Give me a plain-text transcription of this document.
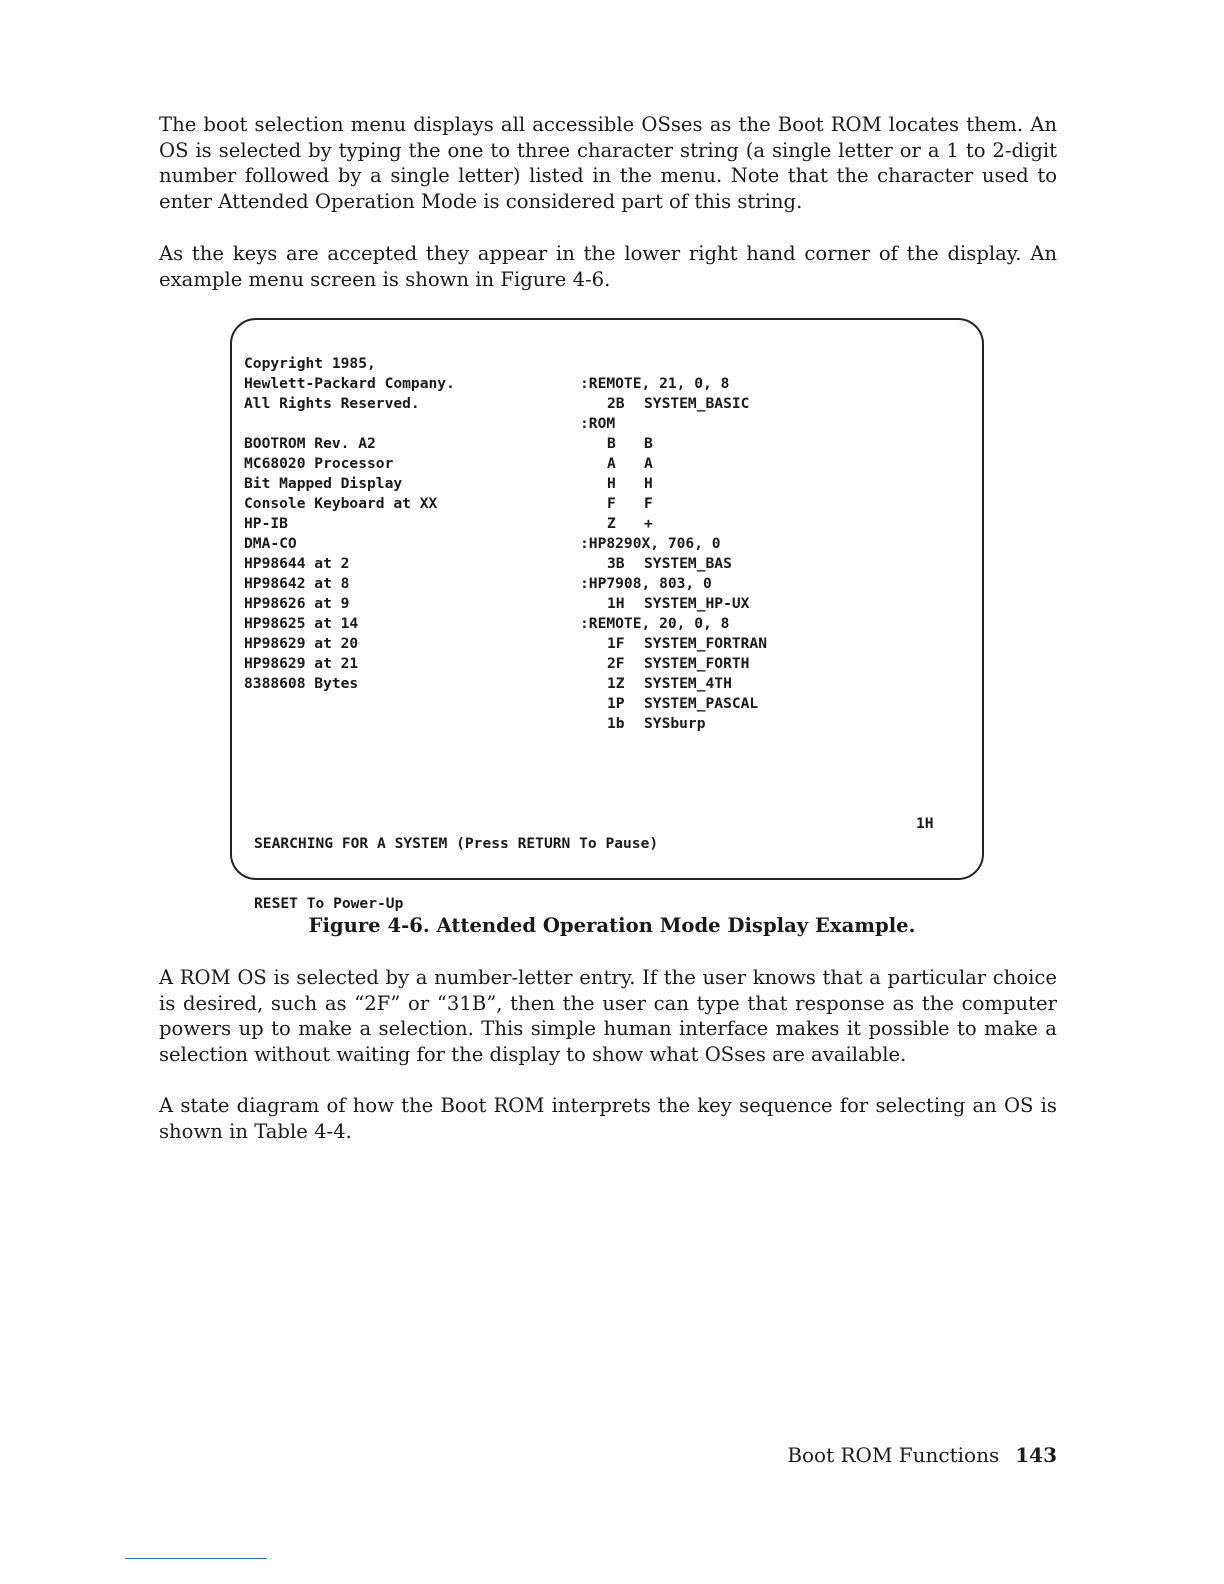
The boot selection menu displays all accessible OSses as the Boot ROM locates them. An OS is selected by typing the one to three character string (a single letter or a 1 to 2-digit number followed by a single letter) listed in the menu. Note that the character used to enter Attended Operation Mode is considered part of this string.

As the keys are accepted they appear in the lower right hand corner of the display. An example menu screen is shown in Figure 4-6.

Copyright 1985,
Hewlett-Packard Company.
All Rights Reserved.
BOOTROM Rev. A2
MC68020 Processor
Bit Mapped Display
Console Keyboard at XX
HP-IB
DMA-CO
HP98644 at 2
HP98642 at 8
HP98626 at 9
HP98625 at 14
HP98629 at 20
HP98629 at 21
8388608 Bytes
:REMOTE, 21, 0, 8
2B SYSTEM_BASIC
:ROM
B B
A A
H H
F F
Z +
:HP8290X, 706, 0
3B SYSTEM_BAS
:HP7908, 803, 0
1H SYSTEM_HP-UX
:REMOTE, 20, 0, 8
1F SYSTEM_FORTRAN
2F SYSTEM_FORTH
1Z SYSTEM_4TH
1P SYSTEM_PASCAL
1b SYSburp

SEARCHING FOR A SYSTEM (Press RETURN To Pause)

RESET To Power-Up

1H
Figure 4-6. Attended Operation Mode Display Example.

A ROM OS is selected by a number-letter entry. If the user knows that a particular choice is desired, such as “2F” or “31B”, then the user can type that response as the computer powers up to make a selection. This simple human interface makes it possible to make a selection without waiting for the display to show what OSses are available.

A state diagram of how the Boot ROM interprets the key sequence for selecting an OS is shown in Table 4-4.

Boot ROM Functions 143
